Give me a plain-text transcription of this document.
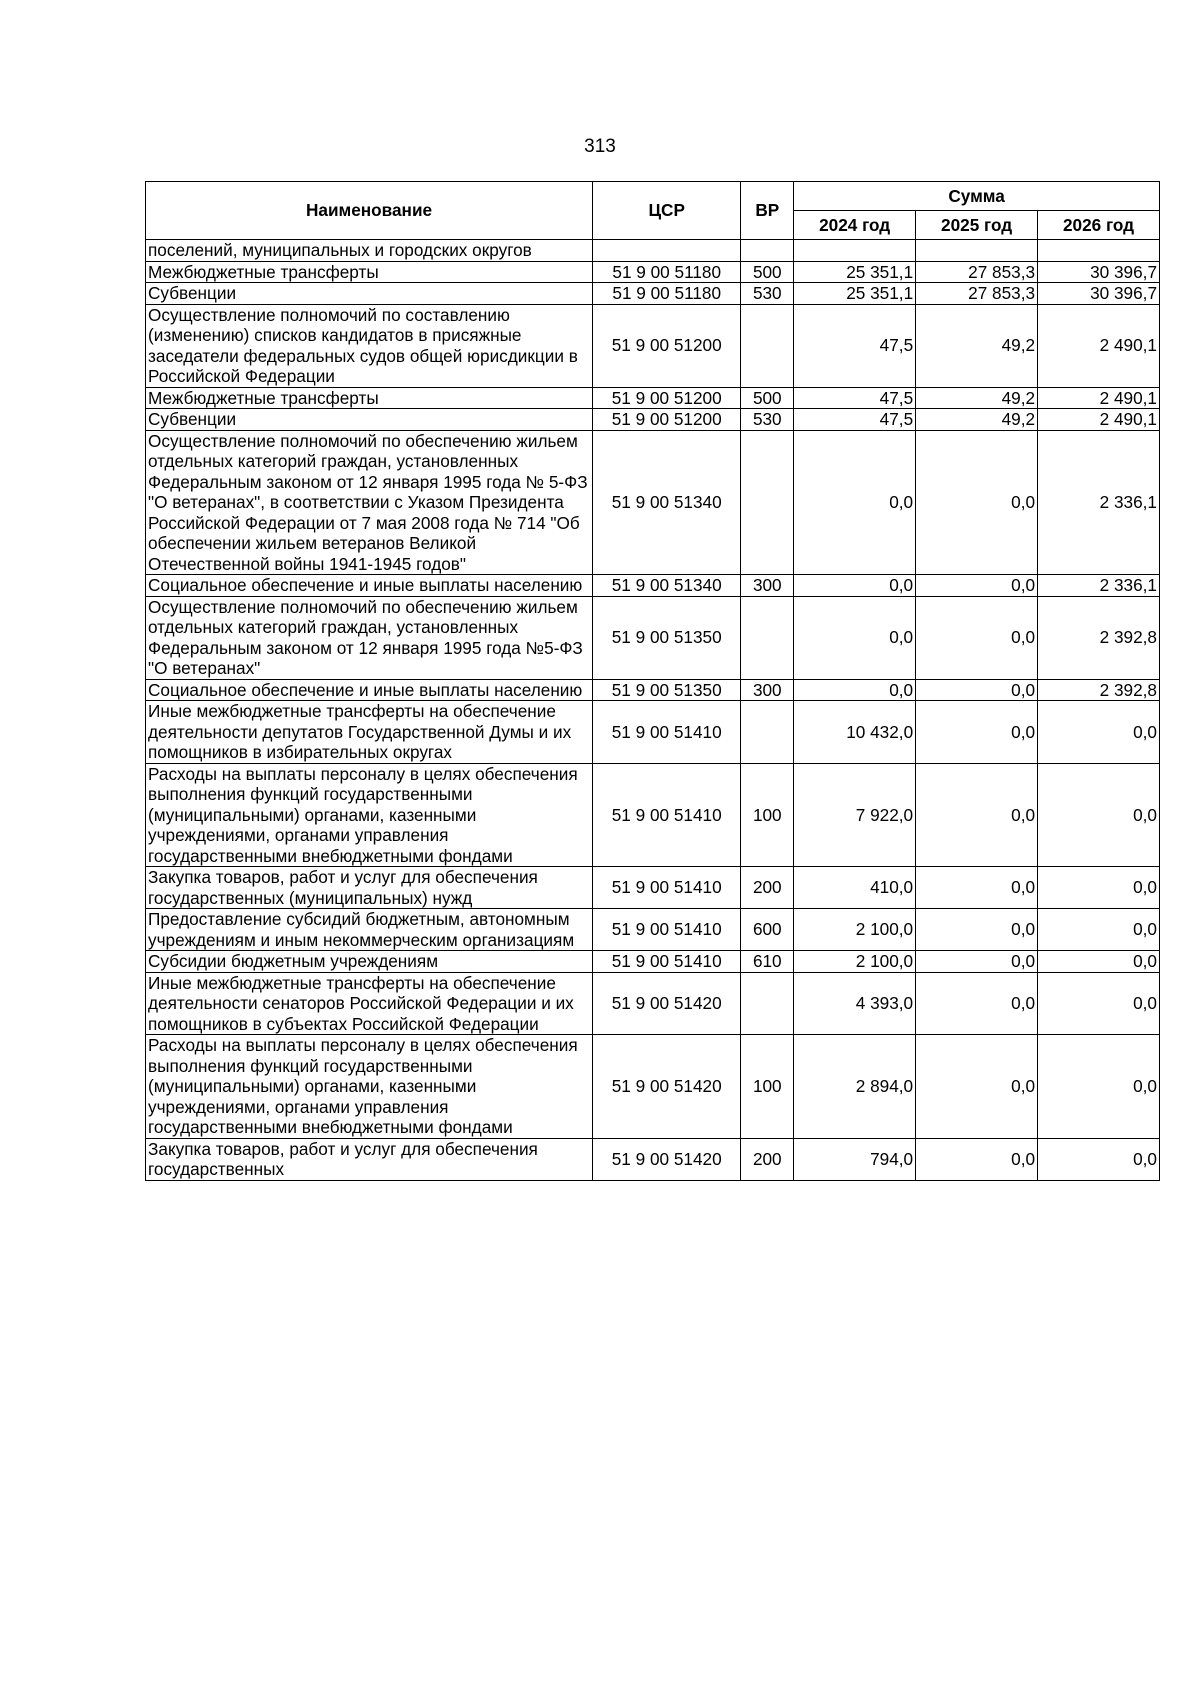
313
Наименование	ЦСР	ВР	Сумма		
			2024 год	2025 год	2026 год
поселений, муниципальных и городских округов					
Межбюджетные трансферты	51 9 00 51180	500	25 351,1	27 853,3	30 396,7
Субвенции	51 9 00 51180	530	25 351,1	27 853,3	30 396,7
Осуществление полномочий по составлению (изменению) списков кандидатов в присяжные заседатели федеральных судов общей юрисдикции в Российской Федерации	51 9 00 51200		47,5	49,2	2 490,1
Межбюджетные трансферты	51 9 00 51200	500	47,5	49,2	2 490,1
Субвенции	51 9 00 51200	530	47,5	49,2	2 490,1
Осуществление полномочий по обеспечению жильем отдельных категорий граждан, установленных Федеральным законом от 12 января 1995 года № 5-ФЗ "О ветеранах", в соответствии с Указом Президента Российской Федерации от 7 мая 2008 года № 714 "Об обеспечении жильем ветеранов Великой Отечественной войны 1941-1945 годов"	51 9 00 51340		0,0	0,0	2 336,1
Социальное обеспечение и иные выплаты населению	51 9 00 51340	300	0,0	0,0	2 336,1
Осуществление полномочий по обеспечению жильем отдельных категорий граждан, установленных Федеральным законом от 12 января 1995 года №5-ФЗ "О ветеранах"	51 9 00 51350		0,0	0,0	2 392,8
Социальное обеспечение и иные выплаты населению	51 9 00 51350	300	0,0	0,0	2 392,8
Иные межбюджетные трансферты на обеспечение деятельности депутатов Государственной Думы и их помощников в избирательных округах	51 9 00 51410		10 432,0	0,0	0,0
Расходы на выплаты персоналу в целях обеспечения выполнения функций государственными (муниципальными) органами, казенными учреждениями, органами управления государственными внебюджетными фондами	51 9 00 51410	100	7 922,0	0,0	0,0
Закупка товаров, работ и услуг для обеспечения государственных (муниципальных) нужд	51 9 00 51410	200	410,0	0,0	0,0
Предоставление субсидий бюджетным, автономным учреждениям и иным некоммерческим организациям	51 9 00 51410	600	2 100,0	0,0	0,0
Субсидии бюджетным учреждениям	51 9 00 51410	610	2 100,0	0,0	0,0
Иные межбюджетные трансферты на обеспечение деятельности сенаторов Российской Федерации и их помощников в субъектах Российской Федерации	51 9 00 51420		4 393,0	0,0	0,0
Расходы на выплаты персоналу в целях обеспечения выполнения функций государственными (муниципальными) органами, казенными учреждениями, органами управления государственными внебюджетными фондами	51 9 00 51420	100	2 894,0	0,0	0,0
Закупка товаров, работ и услуг для обеспечения государственных	51 9 00 51420	200	794,0	0,0	0,0
